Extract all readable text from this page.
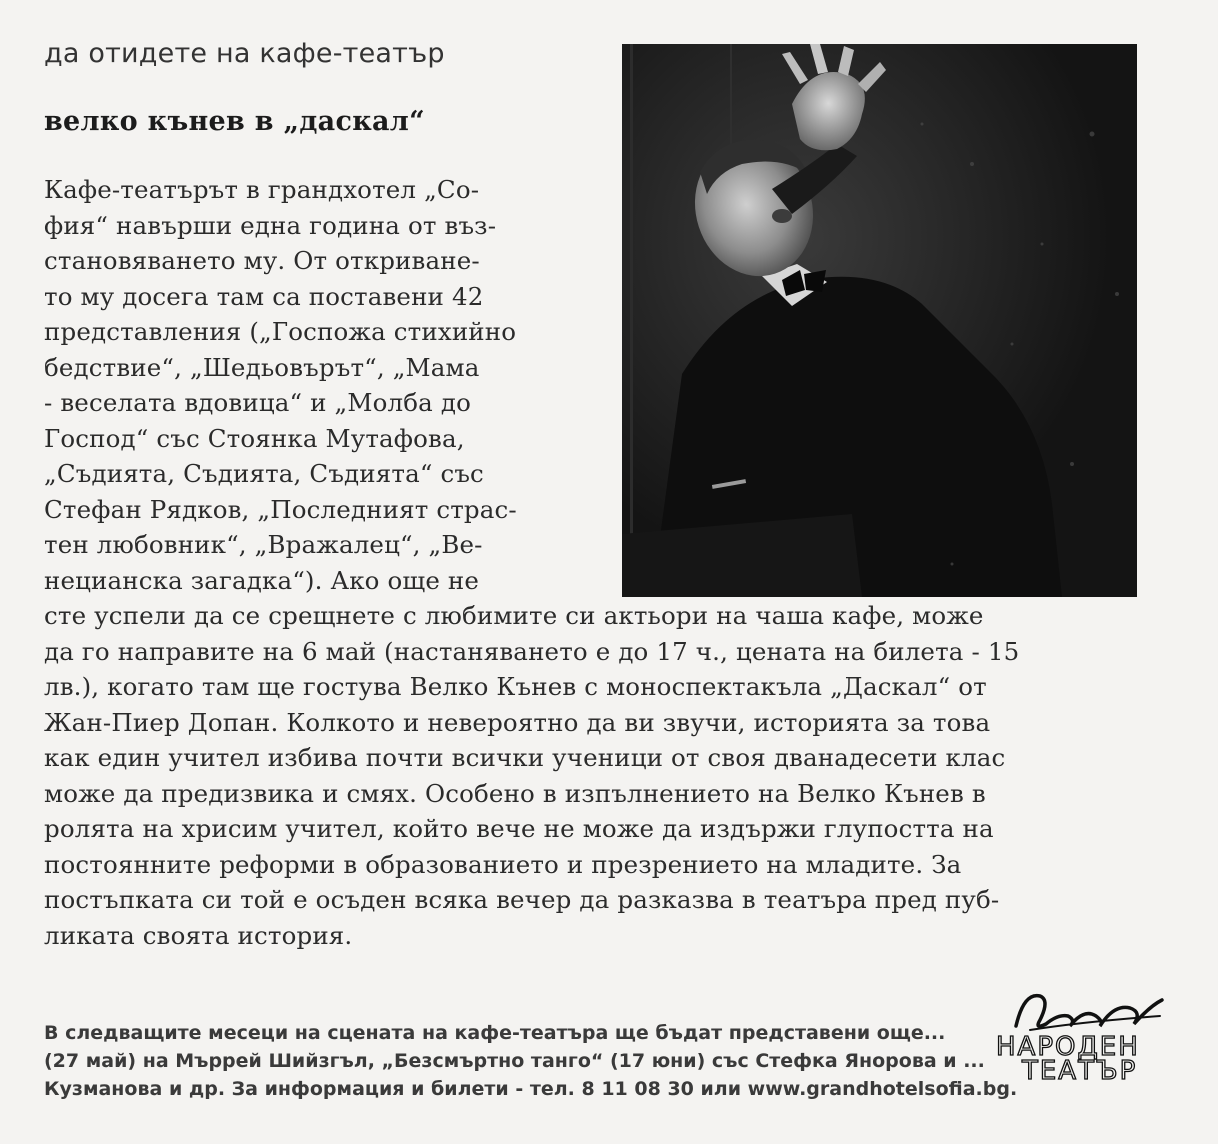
да отидете на кафе-театър
велко кънев в „даскал“
Кафе-театърът в грандхотел „Со-
фия“ навърши една година от въз-
становяването му. От откриване-
то му досега там са поставени 42
представления („Госпожа стихийно
бедствие“, „Шедьовърът“, „Мама
- веселата вдовица“ и „Молба до
Господ“ със Стоянка Мутафова,
„Съдията, Съдията, Съдията“ със
Стефан Рядков, „Последният страс-
тен любовник“, „Вражалец“, „Ве-
нецианска загадка“). Ако още не
сте успели да се срещнете с любимите си актьори на чаша кафе, може
да го направите на 6 май (настаняването е до 17 ч., цената на билета - 15
лв.), когато там ще гостува Велко Кънев с моноспектакъла „Даскал“ от
Жан-Пиер Допан. Колкото и невероятно да ви звучи, историята за това
как един учител избива почти всички ученици от своя дванадесети клас
може да предизвика и смях. Особено в изпълнението на Велко Кънев в
ролята на хрисим учител, който вече не може да издържи глупостта на
постоянните реформи в образованието и презрението на младите. За
постъпката си той е осъден всяка вечер да разказва в театъра пред пуб-
ликата своята история.
В следващите месеци на сцената на кафе-театъра ще бъдат представени още...
(27 май) на Мъррей Шийзгъл, „Безсмъртно танго“ (17 юни) със Стефка Янорова и ...
Кузманова и др. За информация и билети - тел. 8 11 08 30 или www.grandhotelsofia.bg.
НАРОДЕН
ТЕАТЪР
